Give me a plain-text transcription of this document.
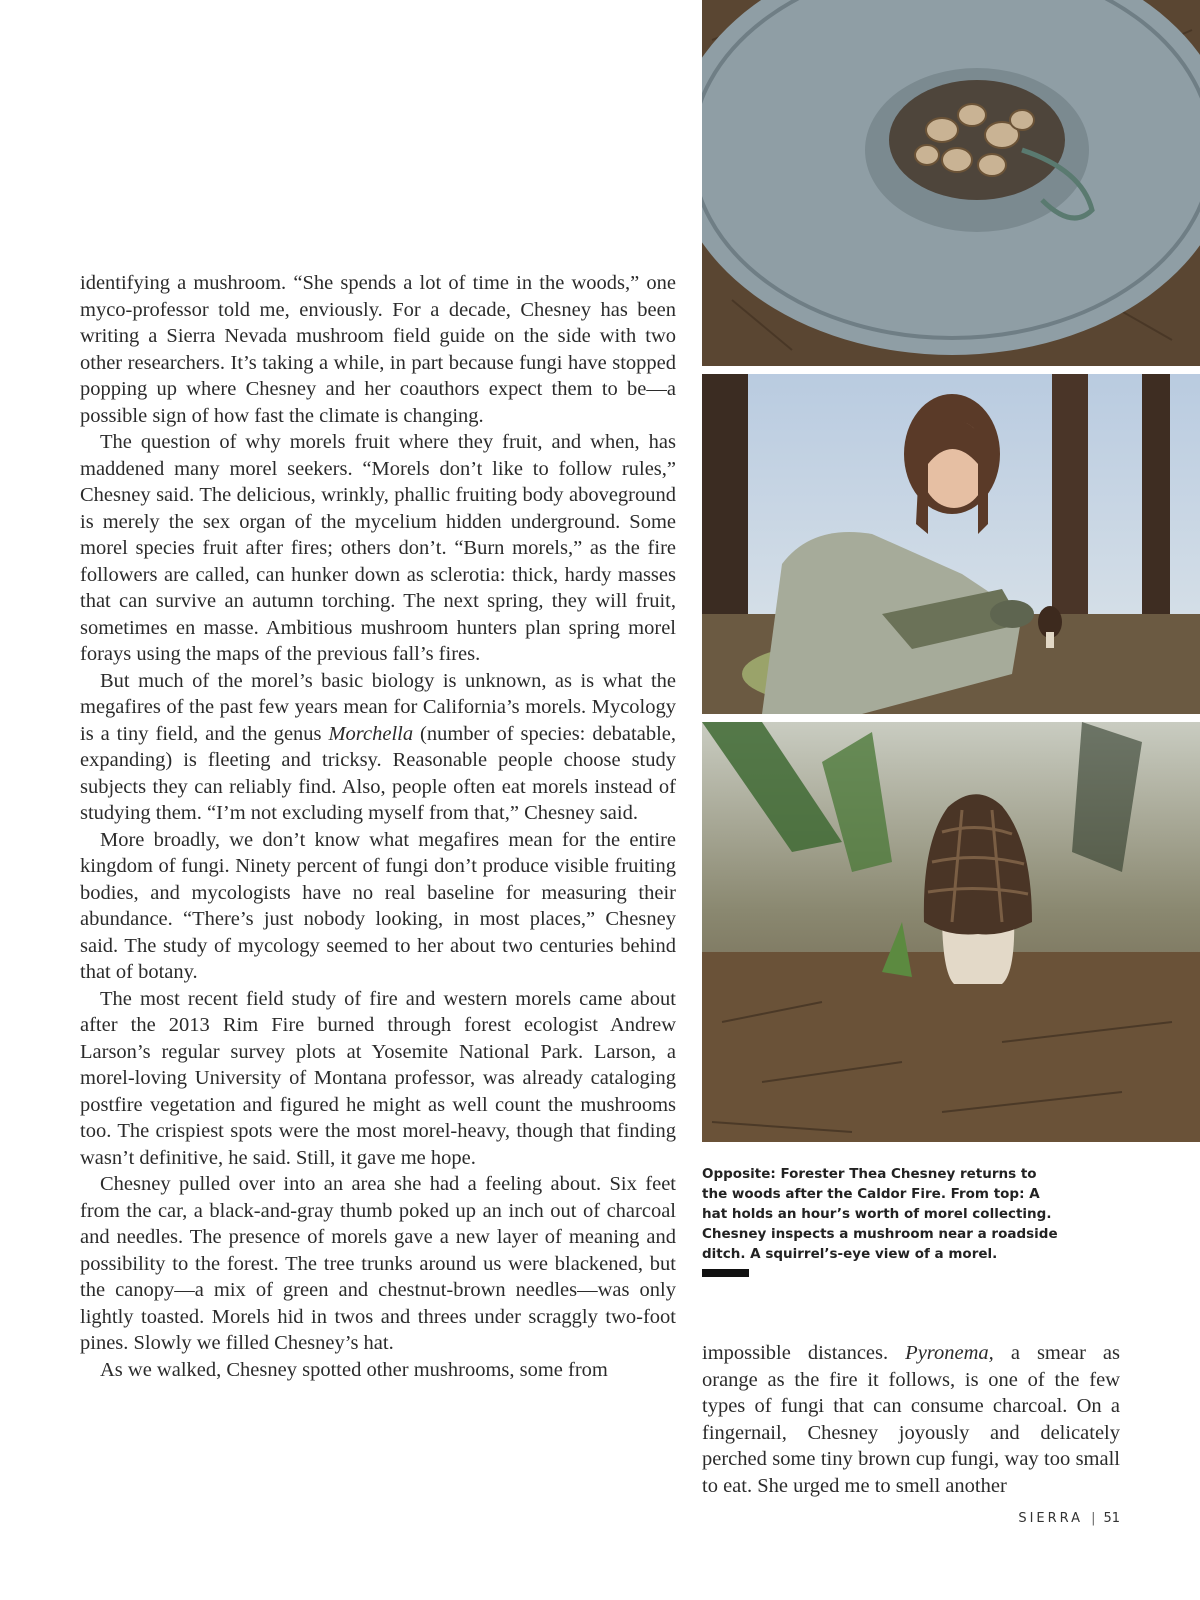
identifying a mushroom. “She spends a lot of time in the woods,” one myco-professor told me, enviously. For a decade, Chesney has been writing a Sierra Nevada mushroom field guide on the side with two other researchers. It’s taking a while, in part because fungi have stopped popping up where Chesney and her coauthors expect them to be—a possible sign of how fast the climate is changing.

The question of why morels fruit where they fruit, and when, has maddened many morel seekers. “Morels don’t like to follow rules,” Chesney said. The delicious, wrinkly, phallic fruiting body aboveground is merely the sex organ of the mycelium hidden underground. Some morel species fruit after fires; others don’t. “Burn morels,” as the fire followers are called, can hunker down as sclerotia: thick, hardy masses that can survive an autumn torching. The next spring, they will fruit, sometimes en masse. Ambitious mushroom hunters plan spring morel forays using the maps of the previous fall’s fires.

But much of the morel’s basic biology is unknown, as is what the megafires of the past few years mean for California’s morels. Mycology is a tiny field, and the genus Morchella (number of species: debatable, expanding) is fleeting and tricksy. Reasonable people choose study subjects they can reliably find. Also, people often eat morels instead of studying them. “I’m not excluding myself from that,” Chesney said.

More broadly, we don’t know what megafires mean for the entire kingdom of fungi. Ninety percent of fungi don’t produce visible fruiting bodies, and mycologists have no real baseline for measuring their abundance. “There’s just nobody looking, in most places,” Chesney said. The study of mycology seemed to her about two centuries behind that of botany.

The most recent field study of fire and western morels came about after the 2013 Rim Fire burned through forest ecologist Andrew Larson’s regular survey plots at Yosemite National Park. Larson, a morel-loving University of Montana professor, was already cataloging postfire vegetation and figured he might as well count the mushrooms too. The crispiest spots were the most morel-heavy, though that finding wasn’t definitive, he said. Still, it gave me hope.

Chesney pulled over into an area she had a feeling about. Six feet from the car, a black-and-gray thumb poked up an inch out of charcoal and needles. The presence of morels gave a new layer of meaning and possibility to the forest. The tree trunks around us were blackened, but the canopy—a mix of green and chestnut-brown needles—was only lightly toasted. Morels hid in twos and threes under scraggly two-foot pines. Slowly we filled Chesney’s hat.

As we walked, Chesney spotted other mushrooms, some from

Opposite: Forester Thea Chesney returns to the woods after the Caldor Fire. From top: A hat holds an hour’s worth of morel collecting. Chesney inspects a mushroom near a roadside ditch. A squirrel’s-eye view of a morel.

impossible distances. Pyronema, a smear as orange as the fire it follows, is one of the few types of fungi that can consume charcoal. On a fingernail, Chesney joyously and delicately perched some tiny brown cup fungi, way too small to eat. She urged me to smell another

SIERRA | 51
